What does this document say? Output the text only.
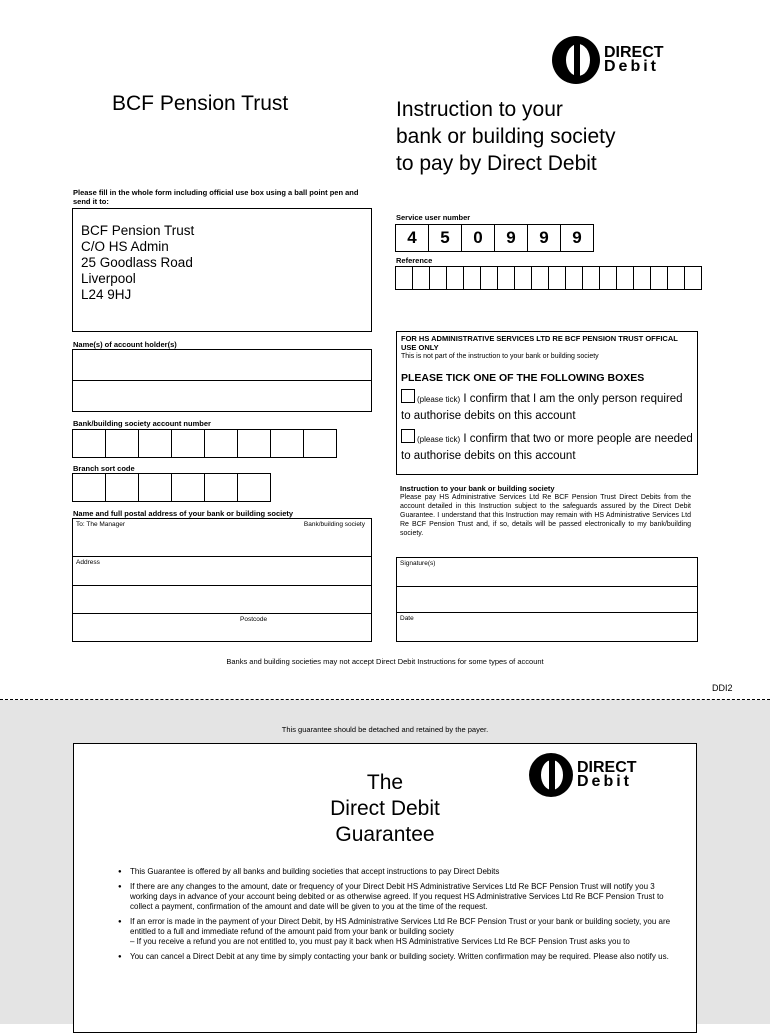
DIRECT
Debit
BCF Pension Trust	Instruction to your
bank or building society
to pay by Direct Debit
Please fill in the whole form including official use box using a ball point pen and send it to:
BCF Pension Trust
C/O HS Admin
25 Goodlass Road
Liverpool
L24 9HJ
Service user number
4	5	0	9	9	9
Reference
Name(s) of account holder(s)
FOR HS ADMINISTRATIVE SERVICES LTD RE BCF PENSION TRUST OFFICAL USE ONLY
This is not part of the instruction to your bank or building society
PLEASE TICK ONE OF THE FOLLOWING BOXES
(please tick) I confirm that I am the only person required to authorise debits on this account
(please tick) I confirm that two or more people are needed to authorise debits on this account
Bank/building society account number
Branch sort code
Name and full postal address of your bank or building society
To: The Manager	Bank/building society
Address
Postcode
Instruction to your bank or building society
Please pay HS Administrative Services Ltd Re BCF Pension Trust Direct Debits from the account detailed in this Instruction subject to the safeguards assured by the Direct Debit Guarantee. I understand that this Instruction may remain with HS Administrative Services Ltd Re BCF Pension Trust and, if so, details will be passed electronically to my bank/building society.
Signature(s)
Date
Banks and building societies may not accept Direct Debit Instructions for some types of account
DDI2
This guarantee should be detached and retained by the payer.
DIRECT
Debit
The
Direct Debit
Guarantee
● This Guarantee is offered by all banks and building societies that accept instructions to pay Direct Debits
● If there are any changes to the amount, date or frequency of your Direct Debit HS Administrative Services Ltd Re BCF Pension Trust will notify you 3 working days in advance of your account being debited or as otherwise agreed. If you request HS Administrative Services Ltd Re BCF Pension Trust to collect a payment, confirmation of the amount and date will be given to you at the time of the request.
● If an error is made in the payment of your Direct Debit, by HS Administrative Services Ltd Re BCF Pension Trust or your bank or building society, you are entitled to a full and immediate refund of the amount paid from your bank or building society
– If you receive a refund you are not entitled to, you must pay it back when HS Administrative Services Ltd Re BCF Pension Trust asks you to
● You can cancel a Direct Debit at any time by simply contacting your bank or building society. Written confirmation may be required. Please also notify us.
